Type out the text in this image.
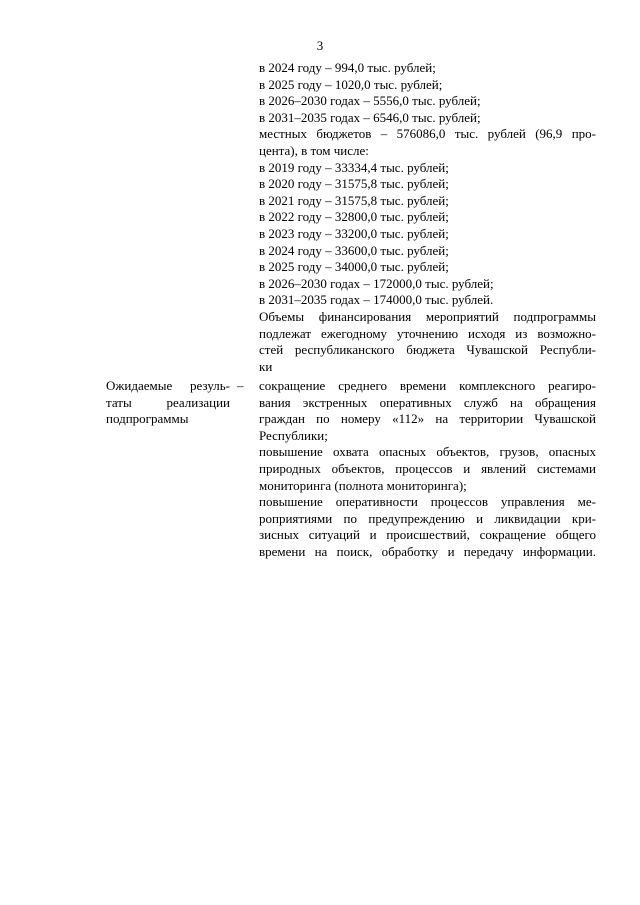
3
в 2024 году – 994,0 тыс. рублей;
в 2025 году – 1020,0 тыс. рублей;
в 2026–2030 годах – 5556,0 тыс. рублей;
в 2031–2035 годах – 6546,0 тыс. рублей;
местных бюджетов – 576086,0 тыс. рублей (96,9 про-
цента), в том числе:
в 2019 году – 33334,4 тыс. рублей;
в 2020 году – 31575,8 тыс. рублей;
в 2021 году – 31575,8 тыс. рублей;
в 2022 году – 32800,0 тыс. рублей;
в 2023 году – 33200,0 тыс. рублей;
в 2024 году – 33600,0 тыс. рублей;
в 2025 году – 34000,0 тыс. рублей;
в 2026–2030 годах – 172000,0 тыс. рублей;
в 2031–2035 годах – 174000,0 тыс. рублей.
Объемы финансирования мероприятий подпрограммы
подлежат ежегодному уточнению исходя из возможно-
стей республиканского бюджета Чувашской Республи-
ки
Ожидаемые резуль-
таты реализации
подпрограммы
– сокращение среднего времени комплексного реагиро-
вания экстренных оперативных служб на обращения
граждан по номеру «112» на территории Чувашской
Республики;
повышение охвата опасных объектов, грузов, опасных
природных объектов, процессов и явлений системами
мониторинга (полнота мониторинга);
повышение оперативности процессов управления ме-
роприятиями по предупреждению и ликвидации кри-
зисных ситуаций и происшествий, сокращение общего
времени на поиск, обработку и передачу информации.
